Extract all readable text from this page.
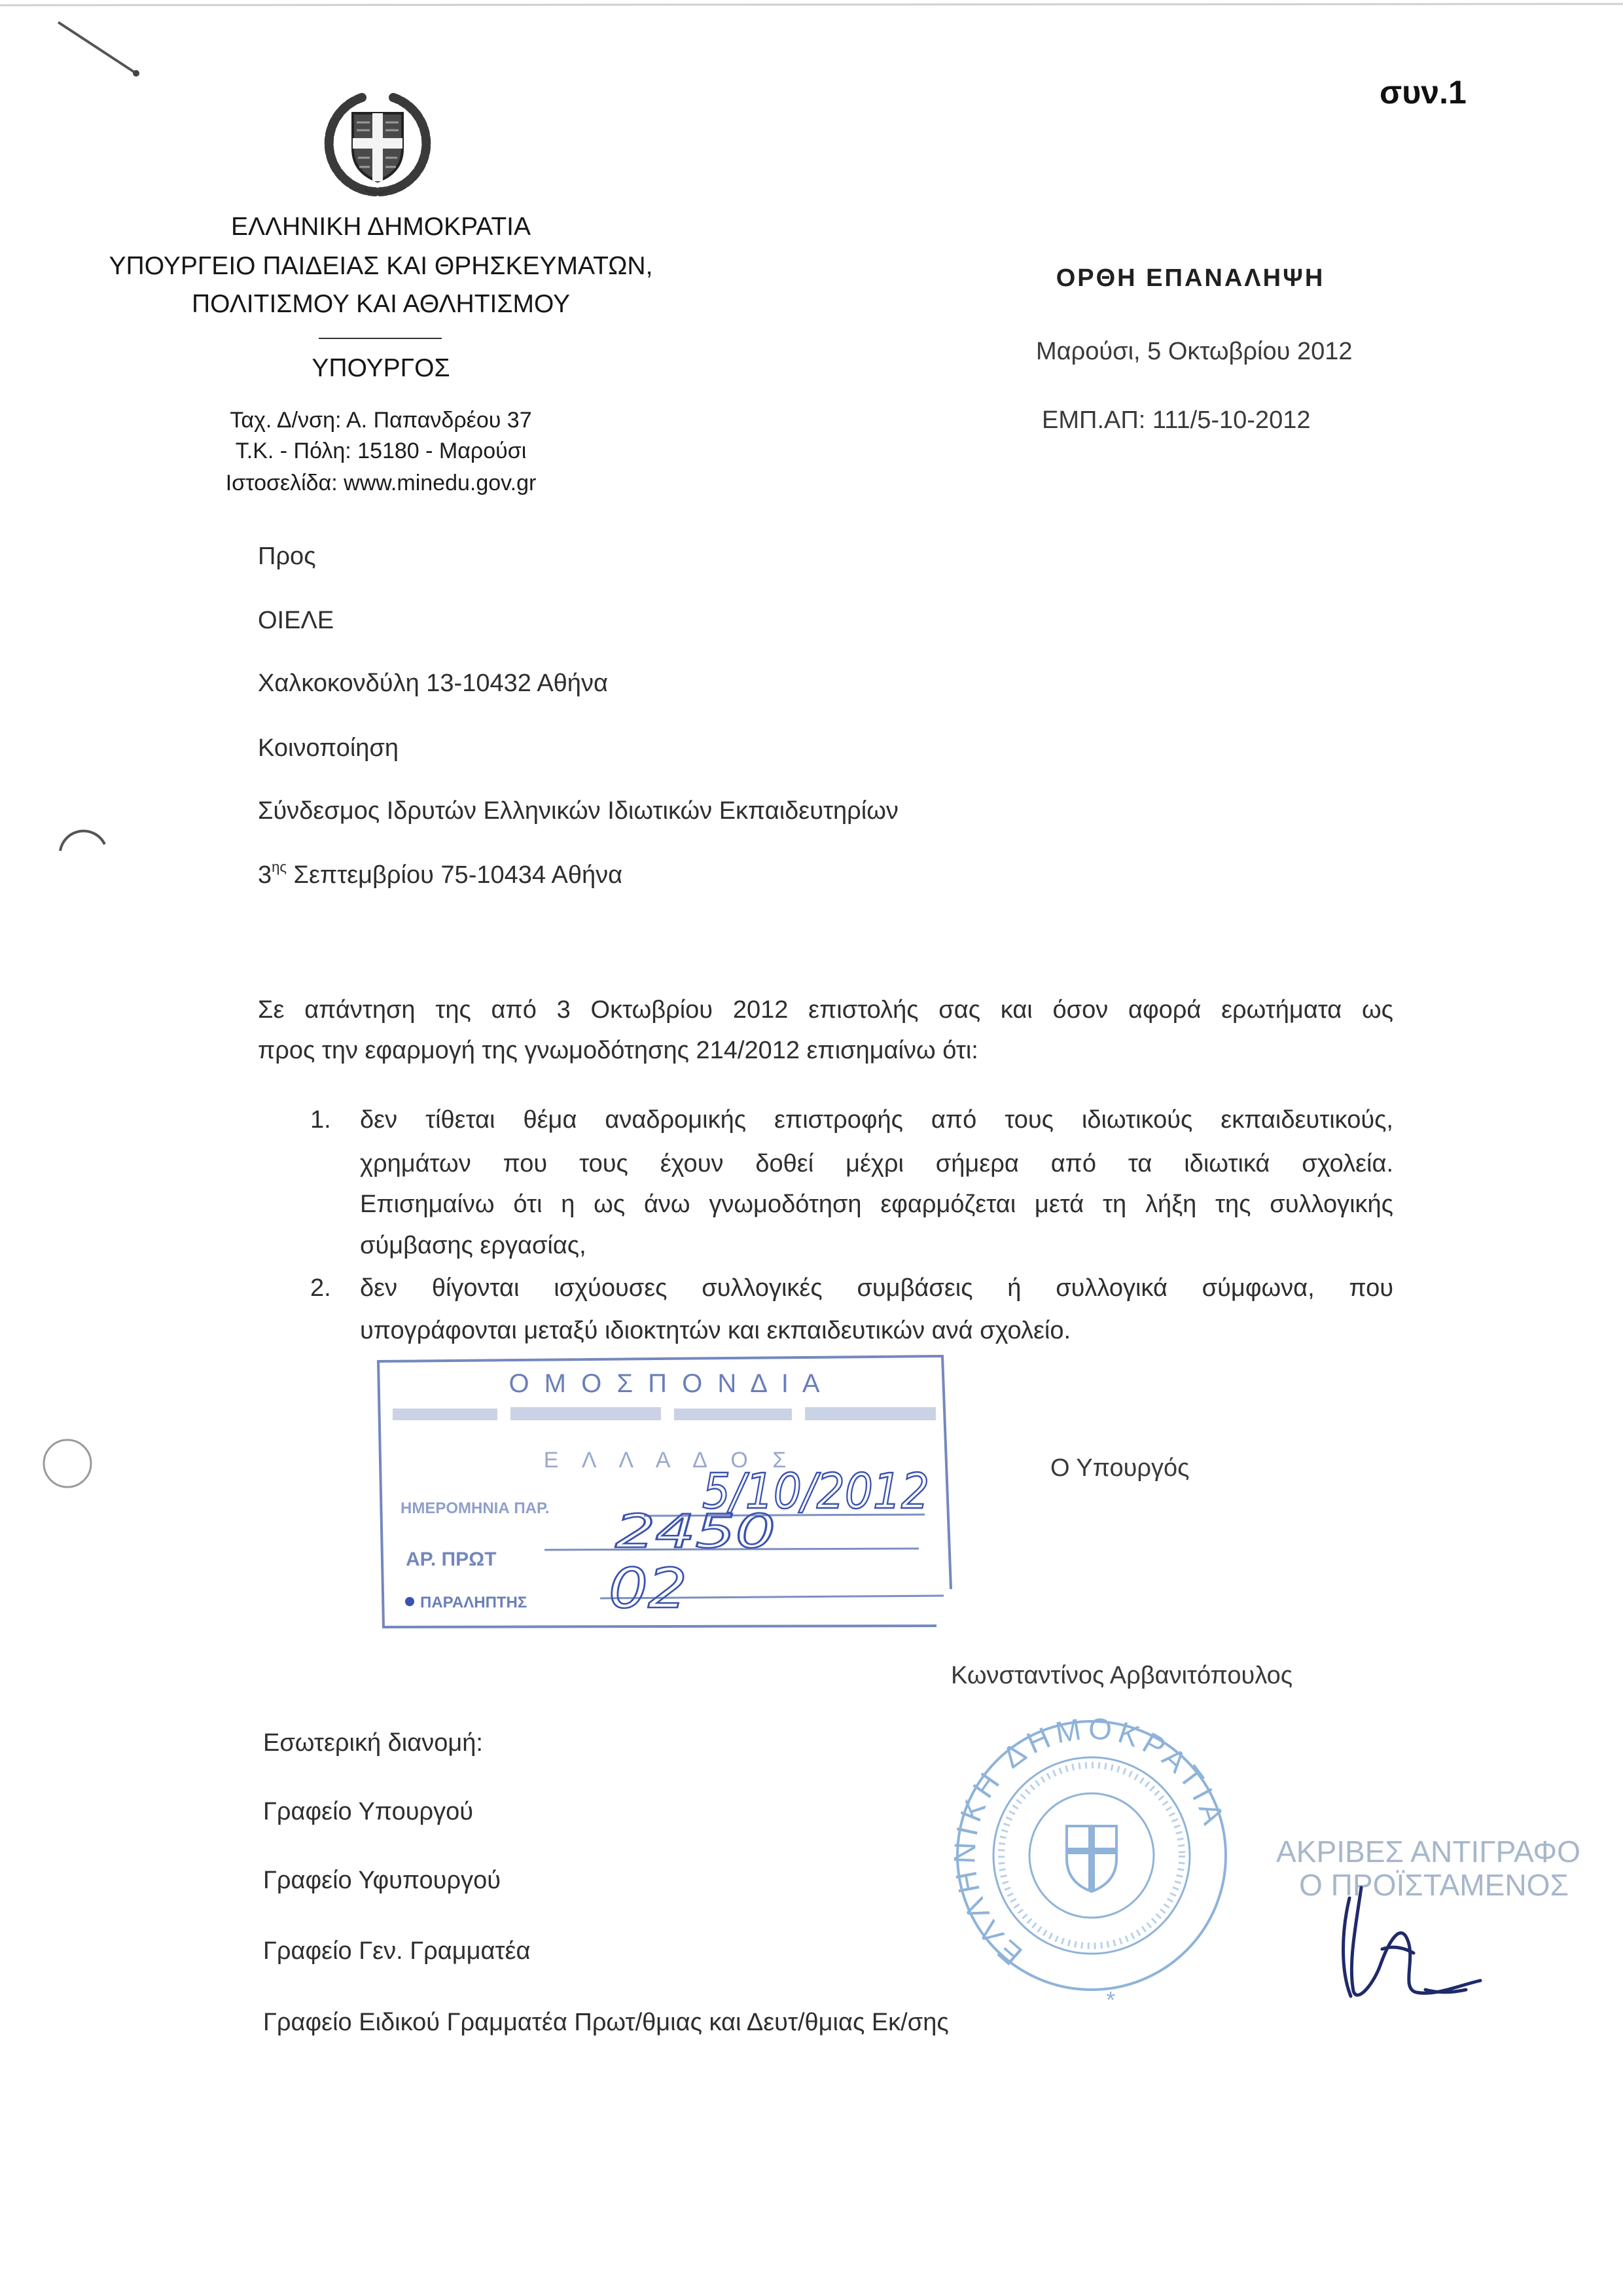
συν.1
ΕΛΛΗΝΙΚΗ ΔΗΜΟΚΡΑΤΙΑ
ΥΠΟΥΡΓΕΙΟ ΠΑΙΔΕΙΑΣ ΚΑΙ ΘΡΗΣΚΕΥΜΑΤΩΝ,
ΠΟΛΙΤΙΣΜΟΥ ΚΑΙ ΑΘΛΗΤΙΣΜΟΥ
ΥΠΟΥΡΓΟΣ
Ταχ. Δ/νση: Α. Παπανδρέου 37
Τ.Κ. - Πόλη: 15180 - Μαρούσι
Ιστοσελίδα: www.minedu.gov.gr
ΟΡΘΗ ΕΠΑΝΑΛΗΨΗ
Μαρούσι, 5 Οκτωβρίου 2012
ΕΜΠ.ΑΠ: 111/5-10-2012
Προς
ΟΙΕΛΕ
Χαλκοκονδύλη 13-10432 Αθήνα
Κοινοποίηση
Σύνδεσμος Ιδρυτών Ελληνικών Ιδιωτικών Εκπαιδευτηρίων
$3^{\eta\varsigma}$ Σεπτεμβρίου 75-10434 Αθήνα
Σε απάντηση της από 3 Οκτωβρίου 2012 επιστολής σας και όσον αφορά ερωτήματα ως
προς την εφαρμογή της γνωμοδότησης 214/2012 επισημαίνω ότι:
1. δεν τίθεται θέμα αναδρομικής επιστροφής από τους ιδιωτικούς εκπαιδευτικούς,
χρημάτων που τους έχουν δοθεί μέχρι σήμερα από τα ιδιωτικά σχολεία.
Επισημαίνω ότι η ως άνω γνωμοδότηση εφαρμόζεται μετά τη λήξη της συλλογικής
σύμβασης εργασίας,
2. δεν θίγονται ισχύουσες συλλογικές συμβάσεις ή συλλογικά σύμφωνα, που
υπογράφονται μεταξύ ιδιοκτητών και εκπαιδευτικών ανά σχολείο.
Ο Μ Ο Σ Π Ο Ν Δ Ι Α
Ε Λ Λ Α Δ Ο Σ
ΗΜΕΡΟΜΗΝΙΑ ΠΑΡ.	5/10/2012
ΑΡ. ΠΡΩΤ
2450
ΠΑΡΑΛΗΠΤΗΣ 02
Ο Υπουργός
Κωνσταντίνος Αρβανιτόπουλος
Εσωτερική διανομή:
Γραφείο Υπουργού
Γραφείο Υφυπουργού
Γραφείο Γεν. Γραμματέα
Γραφείο Ειδικού Γραμματέα Πρωτ/θμιας και Δευτ/θμιας Εκ/σης
ΕΛΛΗΝΙΚΗ ΔΗΜΟΚΡΑΤΙΑ
*
ΑΚΡΙΒΕΣ ΑΝΤΙΓΡΑΦΟ
Ο ΠΡΟΪΣΤΑΜΕΝΟΣ
